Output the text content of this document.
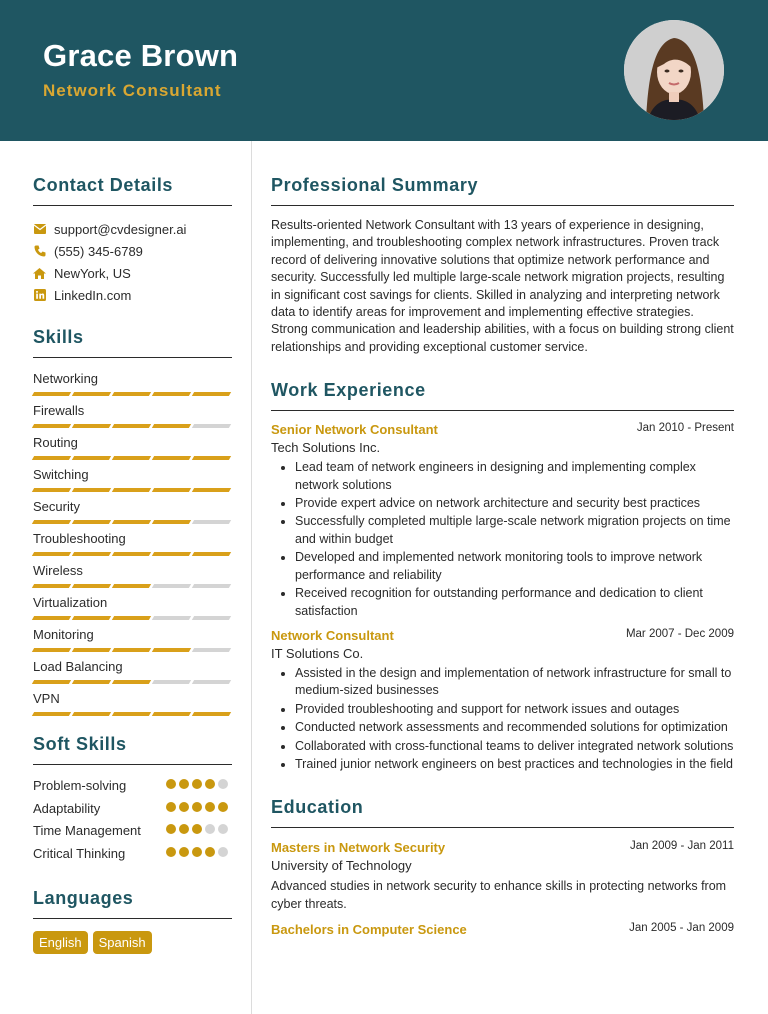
Grace Brown
Network Consultant
Contact Details
support@cvdesigner.ai
(555) 345-6789
NewYork, US
LinkedIn.com
Skills
Networking
Firewalls
Routing
Switching
Security
Troubleshooting
Wireless
Virtualization
Monitoring
Load Balancing
VPN
Soft Skills
Problem-solving
Adaptability
Time Management
Critical Thinking
Languages
English	Spanish
Professional Summary
Results-oriented Network Consultant with 13 years of experience in designing, implementing, and troubleshooting complex network infrastructures. Proven track record of delivering innovative solutions that optimize network performance and security. Successfully led multiple large-scale network migration projects, resulting in significant cost savings for clients. Skilled in analyzing and interpreting network data to identify areas for improvement and implementing effective strategies. Strong communication and leadership abilities, with a focus on building strong client relationships and providing exceptional customer service.
Work Experience
Senior Network Consultant	Jan 2010 - Present
Tech Solutions Inc.
• Lead team of network engineers in designing and implementing complex network solutions
• Provide expert advice on network architecture and security best practices
• Successfully completed multiple large-scale network migration projects on time and within budget
• Developed and implemented network monitoring tools to improve network performance and reliability
• Received recognition for outstanding performance and dedication to client satisfaction
Network Consultant	Mar 2007 - Dec 2009
IT Solutions Co.
• Assisted in the design and implementation of network infrastructure for small to medium-sized businesses
• Provided troubleshooting and support for network issues and outages
• Conducted network assessments and recommended solutions for optimization
• Collaborated with cross-functional teams to deliver integrated network solutions
• Trained junior network engineers on best practices and technologies in the field
Education
Masters in Network Security	Jan 2009 - Jan 2011
University of Technology
Advanced studies in network security to enhance skills in protecting networks from cyber threats.
Bachelors in Computer Science	Jan 2005 - Jan 2009
